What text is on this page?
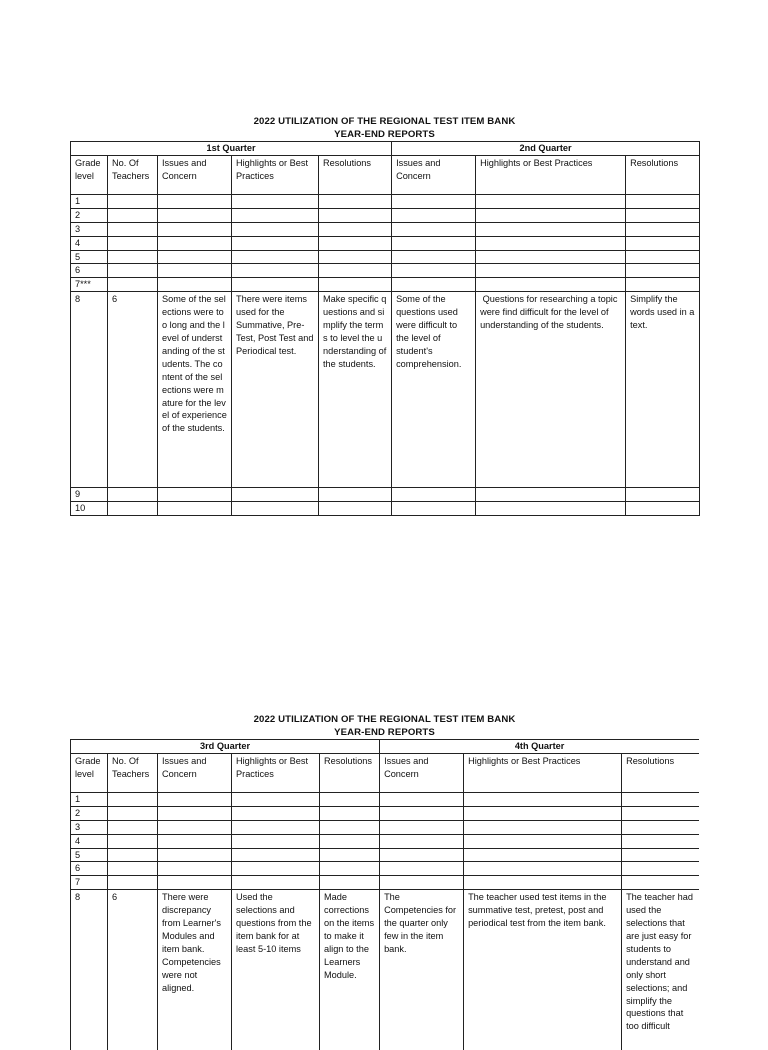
2022 UTILIZATION OF THE REGIONAL TEST ITEM BANK
YEAR-END REPORTS
1st Quarter					2nd Quarter		
Grade level	No. Of Teachers	Issues and Concern	Highlights or Best Practices	Resolutions	Issues and Concern	Highlights or Best Practices	Resolutions
1							
2							
3							
4							
5							
6							
7***							
8	6	Some of the selections were too long and the level of understanding of the students. The content of the selections were mature for the level of experience of the students.	There were items used for the Summative, Pre-Test, Post Test and Periodical test.	Make specific questions and simplify the terms to level the understanding of the students.	Some of the questions used were difficult to the level of student's comprehension.	Questions for researching a topic were find difficult for the level of understanding of the students.	Simplify the words used in a text.
9							
10							
2022 UTILIZATION OF THE REGIONAL TEST ITEM BANK
YEAR-END REPORTS
3rd Quarter					4th Quarter		
Grade level	No. Of Teachers	Issues and Concern	Highlights or Best Practices	Resolutions	Issues and Concern	Highlights or Best Practices	Resolutions
1							
2							
3							
4							
5							
6							
7							
8	6	There were discrepancy from Learner's Modules and item bank. Competencies were not aligned.	Used the selections and questions from the item bank for at least 5-10 items	Made corrections on the items to make it align to the Learners Module.	The Competencies for the quarter only few in the item bank.	The teacher used test items in the summative test, pretest, post and periodical test from the item bank.	The teacher had used the selections that are just easy for students to understand and only short selections; and simplify the questions that too difficult
